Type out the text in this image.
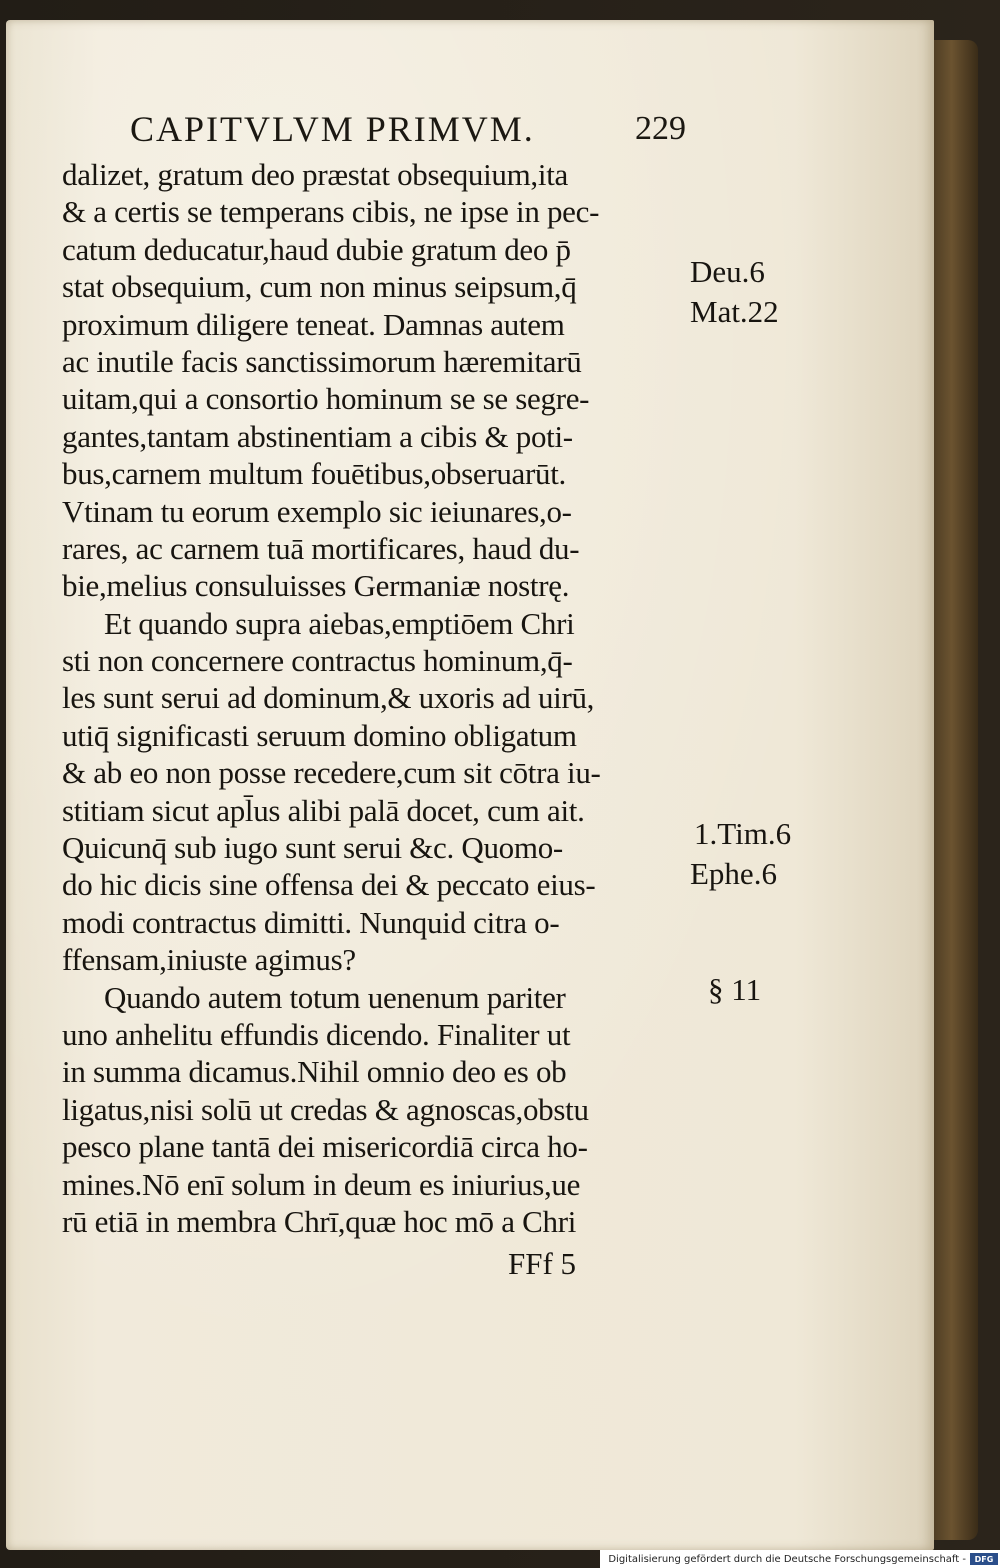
CAPITVLVM PRIMVM.	229
dalizet, gratum deo præstat obsequium,ita
& a certis se temperans cibis, ne ipse in pec-
catum deducatur,haud dubie gratum deo p̄
stat obsequium, cum non minus seipsum,q̄
proximum diligere teneat. Damnas autem
ac inutile facis sanctissimorum hæremitarū
uitam,qui a consortio hominum se se segre-
gantes,tantam abstinentiam a cibis & poti-
bus,carnem multum fouētibus,obseruarūt.
Vtinam tu eorum exemplo sic ieiunares,o-
rares, ac carnem tuā mortificares, haud du-
bie,melius consuluisses Germaniæ nostrę.
Et quando supra aiebas,emptiōem Chri
sti non concernere contractus hominum,q̄-
les sunt serui ad dominum,& uxoris ad uirū,
utiq̄ significasti seruum domino obligatum
& ab eo non posse recedere,cum sit cōtra iu-
stitiam sicut apl̄us alibi palā docet, cum ait.
Quicunq̄ sub iugo sunt serui &c. Quomo-
do hic dicis sine offensa dei & peccato eius-
modi contractus dimitti. Nunquid citra o-
ffensam,iniuste agimus?
Quando autem totum uenenum pariter
uno anhelitu effundis dicendo. Finaliter ut
in summa dicamus.Nihil omnio deo es ob
ligatus,nisi solū ut credas & agnoscas,obstu
pesco plane tantā dei misericordiā circa ho-
mines.Nō enī solum in deum es iniurius,ue
rū etiā in membra Chrī,quæ hoc mō a Chri
Deu.6
Mat.22
1.Tim.6
Ephe.6
§ 11
FFf 5
Digitalisierung gefördert durch die Deutsche Forschungsgemeinschaft -	DFG
